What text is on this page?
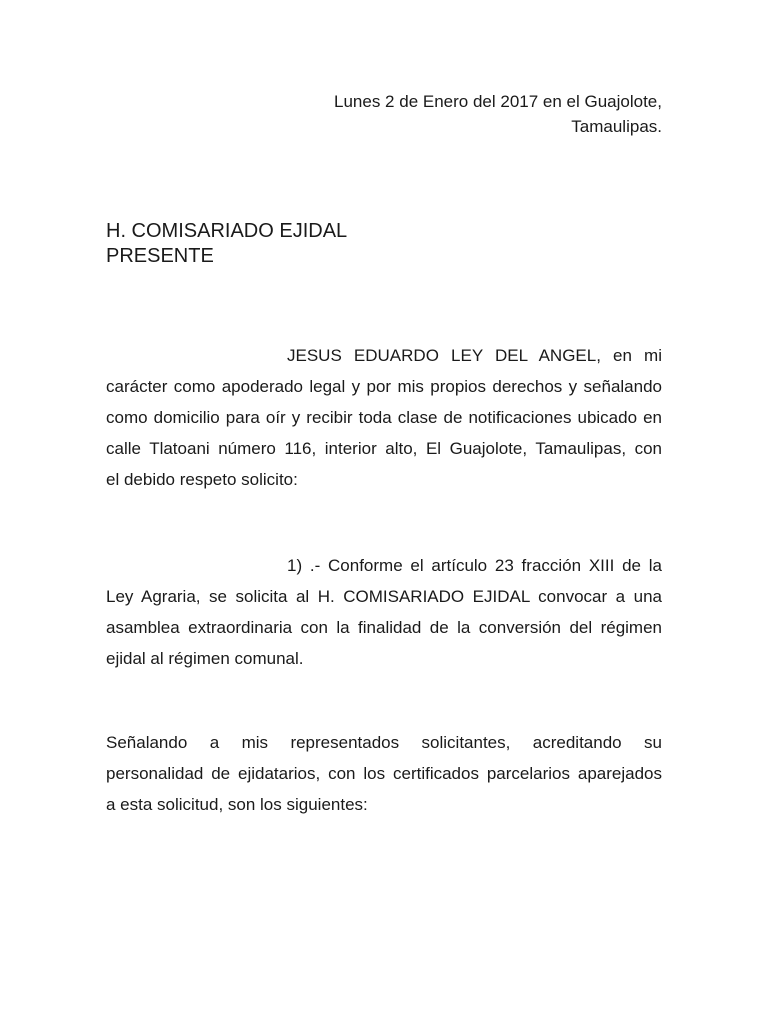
Lunes 2 de Enero del 2017 en el Guajolote,
Tamaulipas.
H. COMISARIADO EJIDAL
PRESENTE
JESUS EDUARDO LEY DEL ANGEL, en mi
carácter como apoderado legal y por mis propios derechos y señalando
como domicilio para oír y recibir toda clase de notificaciones ubicado en
calle Tlatoani número 116, interior alto, El Guajolote, Tamaulipas, con
el debido respeto solicito:
1) .- Conforme el artículo 23 fracción XIII de la
Ley Agraria, se solicita al H. COMISARIADO EJIDAL convocar a una
asamblea extraordinaria con la finalidad de la conversión del régimen
ejidal al régimen comunal.
Señalando a mis representados solicitantes, acreditando su
personalidad de ejidatarios, con los certificados parcelarios aparejados
a esta solicitud, son los siguientes:
